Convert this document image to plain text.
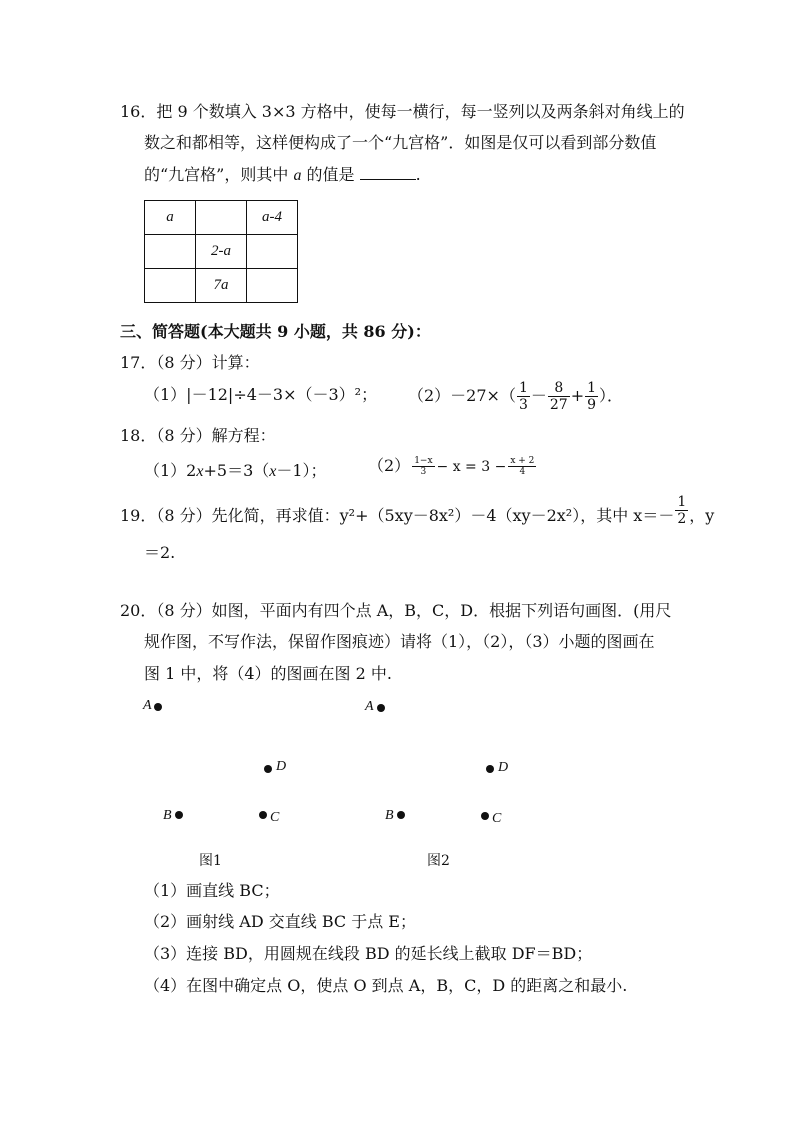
16．把 9 个数填入 3×3 方格中，使每一横行，每一竖列以及两条斜对角线上的
数之和都相等，这样便构成了一个“九宫格”．如图是仅可以看到部分数值
的“九宫格”，则其中 a 的值是	.
a		a-4
	2-a	
	7a	
三、简答题(本大题共 9 小题，共 86 分)：
17．（8 分）计算：
（1）|－12|÷4－3×（－3）²； $(2)-27\times( \frac{1}{3} - \frac{8}{27} + \frac{1}{9}$ ）．
18．（8 分）解方程：
（1）2x+5＝3（x－1）；	$(2) \frac{1-x}{3} - x = 3 - \frac{x + 2}{4}$
19．（8 分）先化简，再求值：y²+（5xy－8x²）－4（xy－2x²），其中 $x=- \frac{1}{2}$ ，y
＝2.
20．（8 分）如图，平面内有四个点 A，B，C，D．根据下列语句画图．(用尺
规作图，不写作法，保留作图痕迹）请将（1），（2），（3）小题的图画在
图 1 中，将（4）的图画在图 2 中.
A
D
B	C
图1
A
D
B	C
图2
（1）画直线 BC；
（2）画射线 AD 交直线 BC 于点 E；
（3）连接 BD，用圆规在线段 BD 的延长线上截取 DF＝BD；
（4）在图中确定点 O，使点 O 到点 A，B，C，D 的距离之和最小.
